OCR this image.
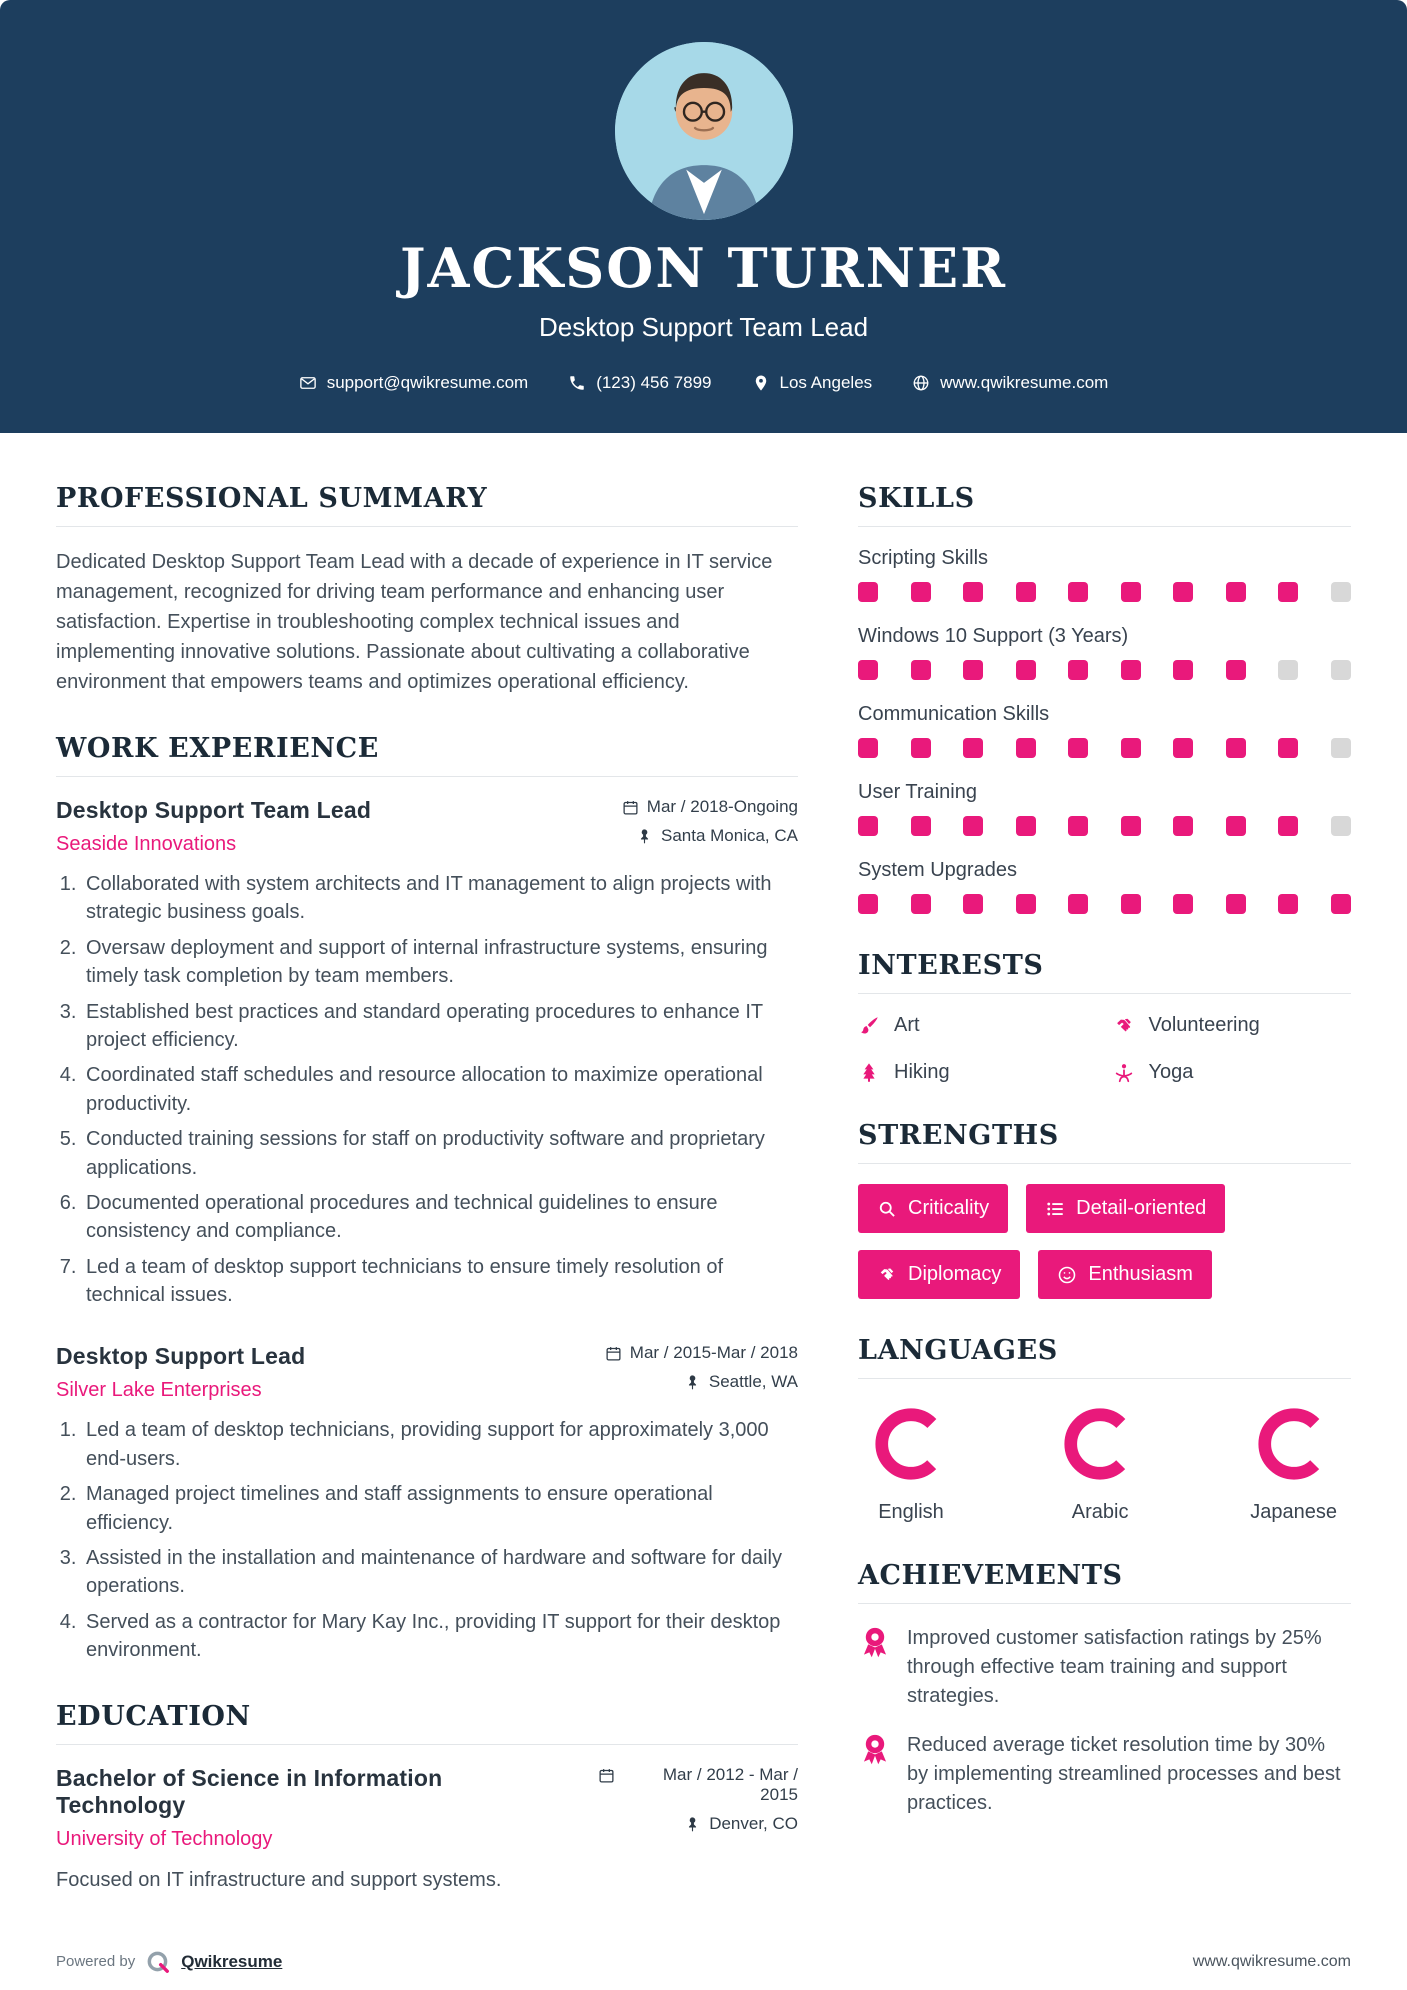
JACKSON TURNER
Desktop Support Team Lead
support@qwikresume.com	(123) 456 7899	Los Angeles	www.qwikresume.com
PROFESSIONAL SUMMARY

Dedicated Desktop Support Team Lead with a decade of experience in IT service management, recognized for driving team performance and enhancing user satisfaction. Expertise in troubleshooting complex technical issues and implementing innovative solutions. Passionate about cultivating a collaborative environment that empowers teams and optimizes operational efficiency.

WORK EXPERIENCE
Desktop Support Team Lead
Seaside Innovations
Mar / 2018-Ongoing
Santa Monica, CA
1. Collaborated with system architects and IT management to align projects with strategic business goals.
2. Oversaw deployment and support of internal infrastructure systems, ensuring timely task completion by team members.
3. Established best practices and standard operating procedures to enhance IT project efficiency.
4. Coordinated staff schedules and resource allocation to maximize operational productivity.
5. Conducted training sessions for staff on productivity software and proprietary applications.
6. Documented operational procedures and technical guidelines to ensure consistency and compliance.
7. Led a team of desktop support technicians to ensure timely resolution of technical issues.
Desktop Support Lead
Silver Lake Enterprises
Mar / 2015-Mar / 2018
Seattle, WA
1. Led a team of desktop technicians, providing support for approximately 3,000 end-users.
2. Managed project timelines and staff assignments to ensure operational efficiency.
3. Assisted in the installation and maintenance of hardware and software for daily operations.
4. Served as a contractor for Mary Kay Inc., providing IT support for their desktop environment.
EDUCATION
Bachelor of Science in Information Technology
University of Technology
Mar / 2012 - Mar / 2015
Denver, CO

Focused on IT infrastructure and support systems.

SKILLS
Scripting Skills
Windows 10 Support (3 Years)
Communication Skills
User Training
System Upgrades
INTERESTS
Art	Volunteering
Hiking	Yoga
STRENGTHS
Criticality	Detail-oriented
Diplomacy	Enthusiasm
LANGUAGES
English	Arabic	Japanese
ACHIEVEMENTS

Improved customer satisfaction ratings by 25% through effective team training and support strategies.

Reduced average ticket resolution time by 30% by implementing streamlined processes and best practices.

Powered by	Qwikresume	www.qwikresume.com
